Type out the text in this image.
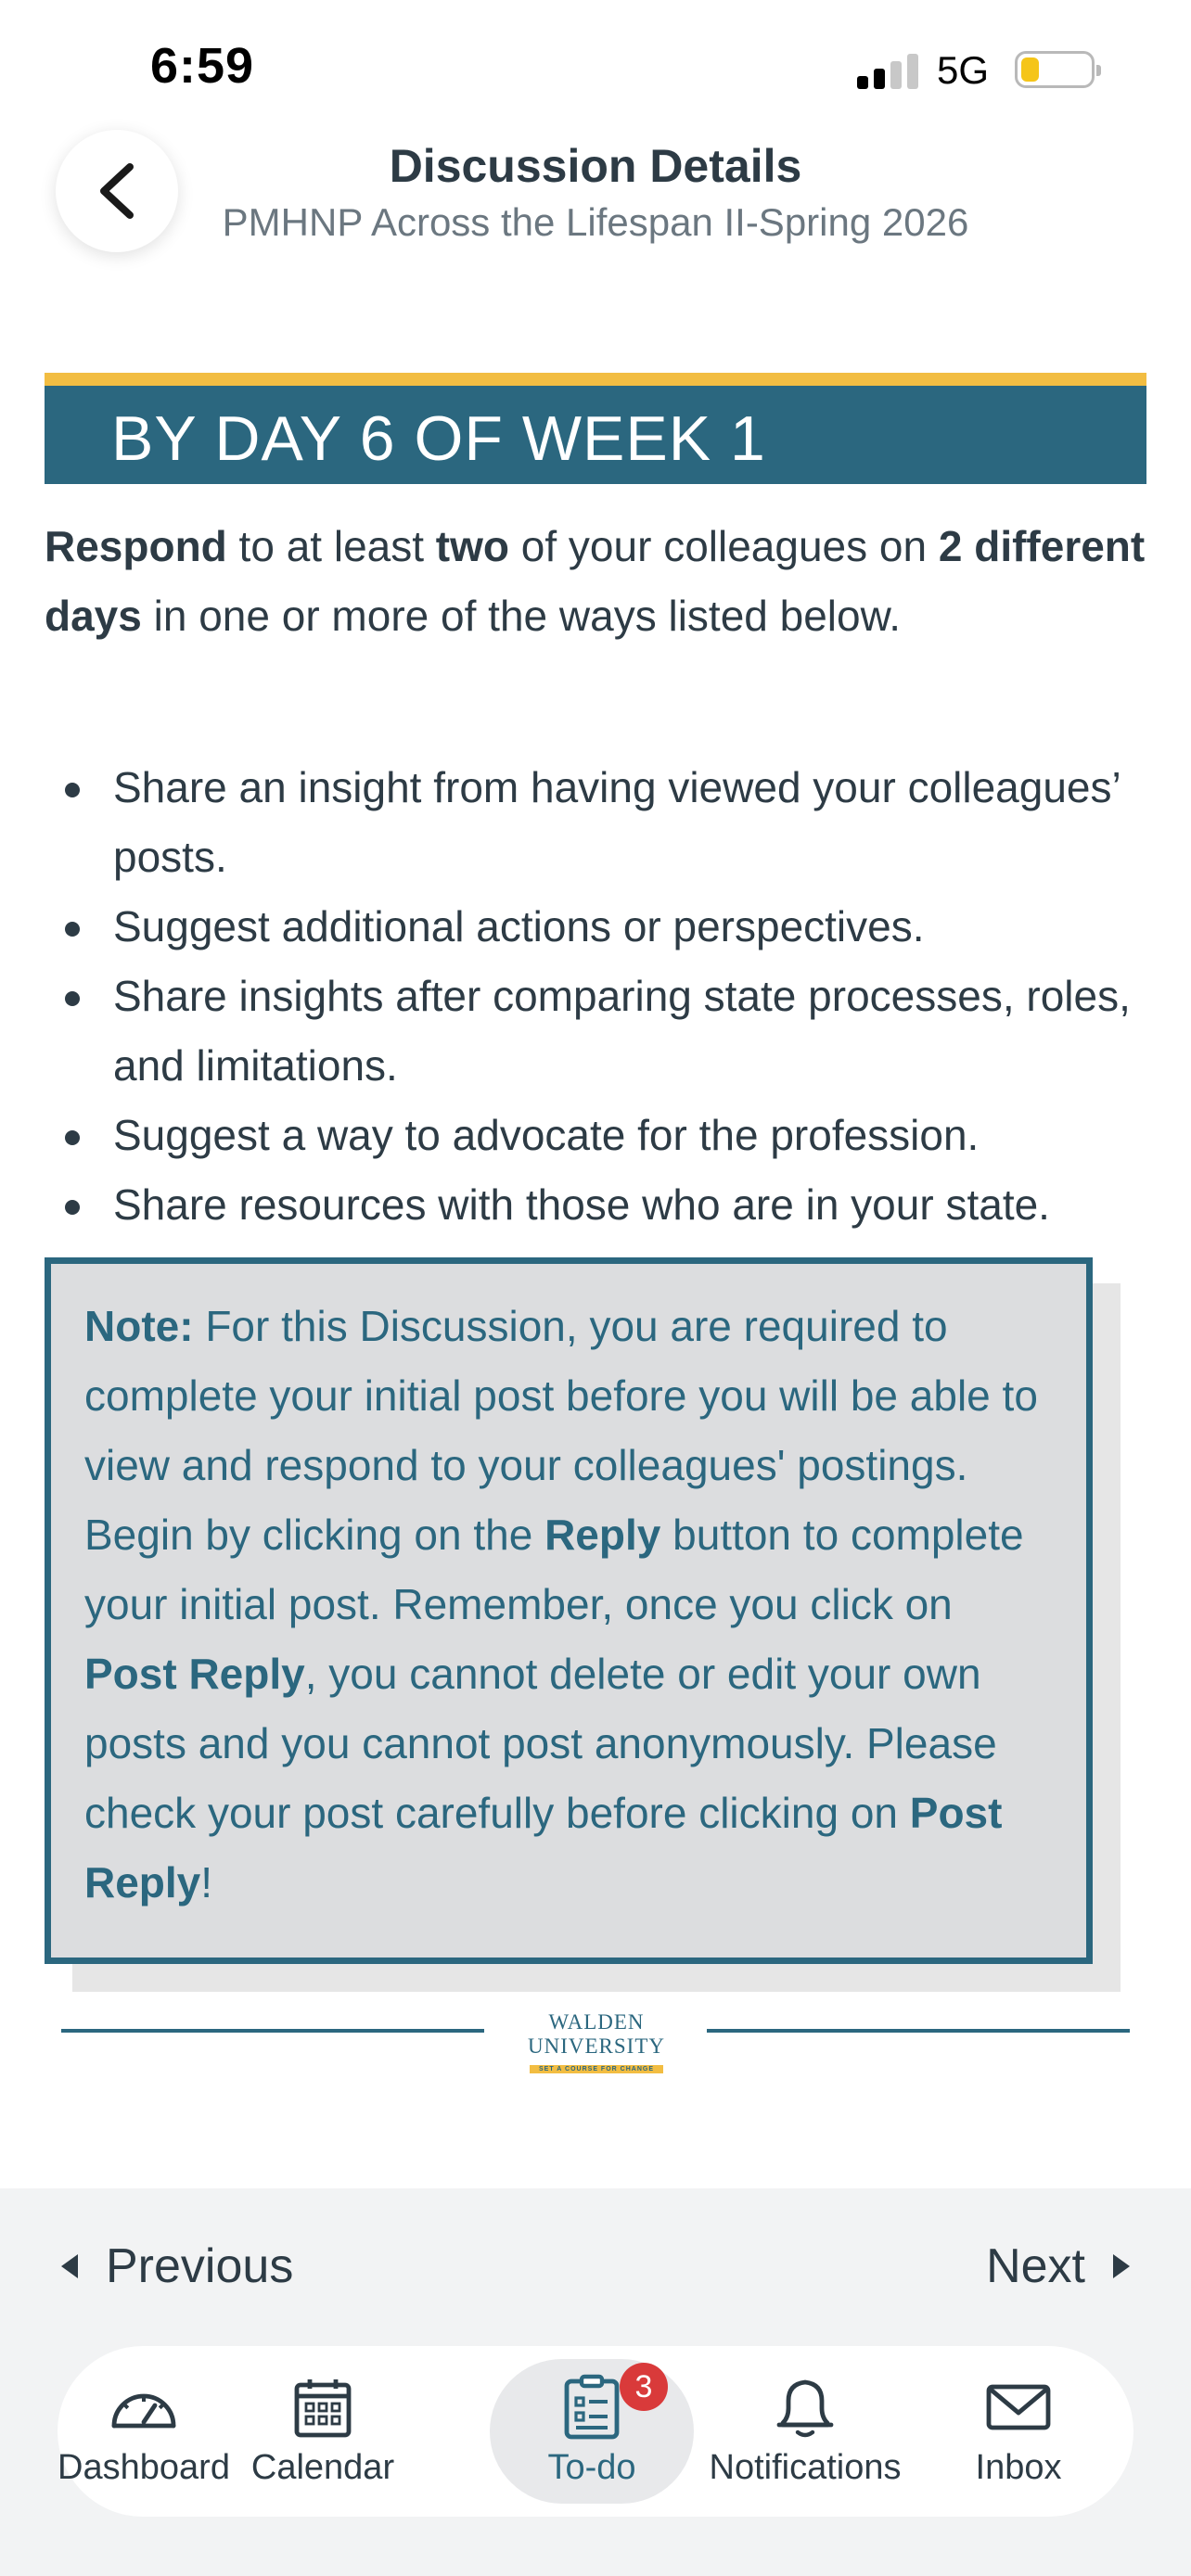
6:59	5G
Discussion Details
PMHNP Across the Lifespan II-Spring 2026
BY DAY 6 OF WEEK 1

Respond to at least two of your colleagues on 2 different days in one or more of the ways listed below.

Share an insight from having viewed your colleagues’ posts.
Suggest additional actions or perspectives.
Share insights after comparing state processes, roles, and limitations.
Suggest a way to advocate for the profession.
Share resources with those who are in your state.

Note: For this Discussion, you are required to complete your initial post before you will be able to view and respond to your colleagues' postings. Begin by clicking on the Reply button to complete your initial post. Remember, once you click on Post Reply, you cannot delete or edit your own posts and you cannot post anonymously. Please check your post carefully before clicking on Post Reply!

WALDEN UNIVERSITY
SET A COURSE FOR CHANGE
Previous	Next
Dashboard Calendar	To-do
3
Notifications Inbox
